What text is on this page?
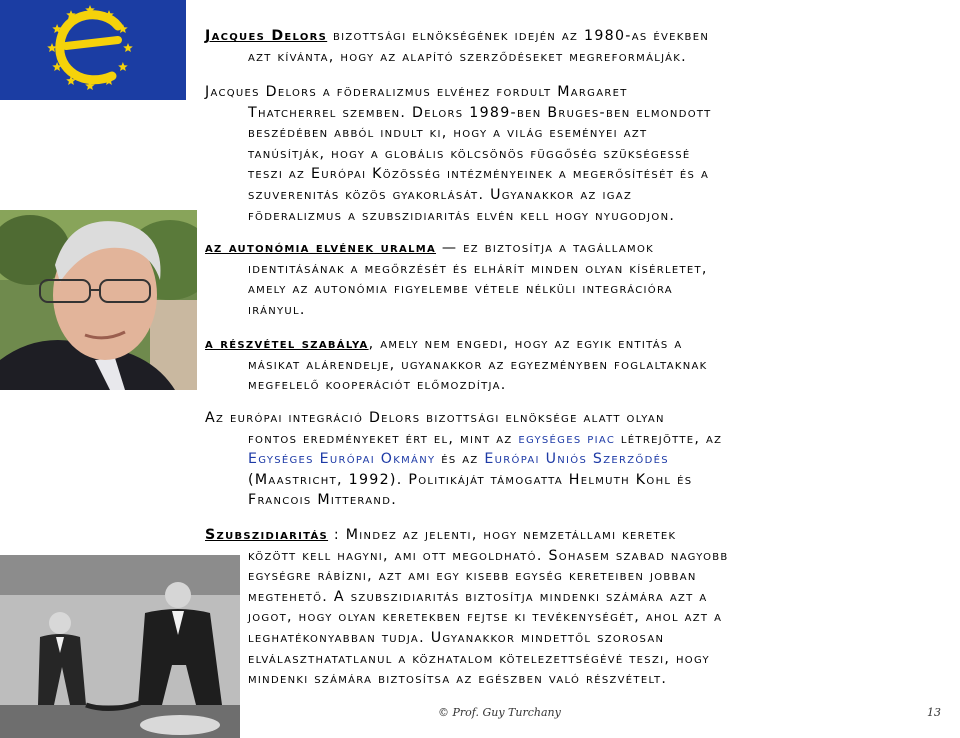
Jacques Delors bizottsági elnökségének idején az 1980-as években
azt kívánta, hogy az alapító szerződéseket megreformálják.
Jacques Delors a föderalizmus elvéhez fordult Margaret
Thatcherrel szemben. Delors 1989-ben Bruges-ben elmondott
beszédében abból indult ki, hogy a világ eseményei azt
tanúsítják, hogy a globális kölcsönös függőség szükségessé
teszi az Európai Közösség intézményeinek a megerősítését és a
szuverenitás közös gyakorlását. Ugyanakkor az igaz
föderalizmus a szubszidiaritás elvén kell hogy nyugodjon.
az autonómia elvének uralma — ez biztosítja a tagállamok
identitásának a megőrzését és elhárít minden olyan kísérletet,
amely az autonómia figyelembe vétele nélküli integrációra
irányul.
a részvétel szabálya, amely nem engedi, hogy az egyik entitás a
másikat alárendelje, ugyanakkor az egyezményben foglaltaknak
megfelelő kooperációt előmozdítja.
Az európai integráció Delors bizottsági elnöksége alatt olyan
fontos eredményeket ért el, mint az egységes piac létrejötte, az
Egységes Európai Okmány és az Európai Uniós Szerződés
(Maastricht, 1992). Politikáját támogatta Helmuth Kohl és
Francois Mitterand.
Szubszidiaritás : Mindez az jelenti, hogy nemzetállami keretek
között kell hagyni, ami ott megoldható. Sohasem szabad nagyobb
egységre rábízni, azt ami egy kisebb egység kereteiben jobban
megtehető. A szubszidiaritás biztosítja mindenki számára azt a
jogot, hogy olyan keretekben fejtse ki tevékenységét, ahol azt a
leghatékonyabban tudja. Ugyanakkor mindettől szorosan
elválaszthatatlanul a közhatalom kötelezettségévé teszi, hogy
mindenki számára biztosítsa az egészben való részvételt.
© Prof. Guy Turchany	13
